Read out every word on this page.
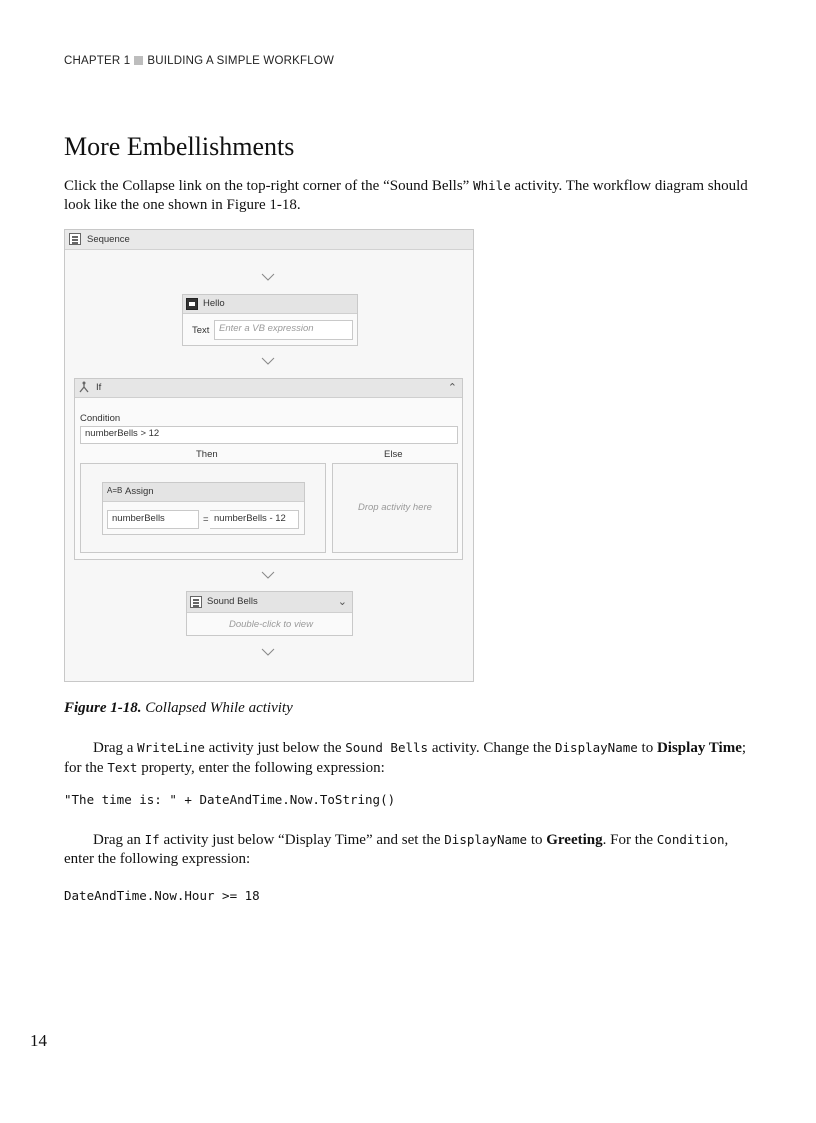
CHAPTER 1 BUILDING A SIMPLE WORKFLOW
More Embellishments

Click the Collapse link on the top-right corner of the “Sound Bells” While activity. The workflow diagram should look like the one shown in Figure 1-18.

Sequence
Hello
Text	Enter a VB expression
If	⌃
Condition
numberBells > 12
Then	Else
A=B Assign
numberBells	= numberBells - 12
Drop activity here
Sound Bells	⌄
Double-click to view
Figure 1-18. Collapsed While activity

Drag a WriteLine activity just below the Sound Bells activity. Change the DisplayName to Display Time; for the Text property, enter the following expression:

"The time is: " + DateAndTime.Now.ToString()

Drag an If activity just below “Display Time” and set the DisplayName to Greeting. For the Condition, enter the following expression:

DateAndTime.Now.Hour >= 18
14
